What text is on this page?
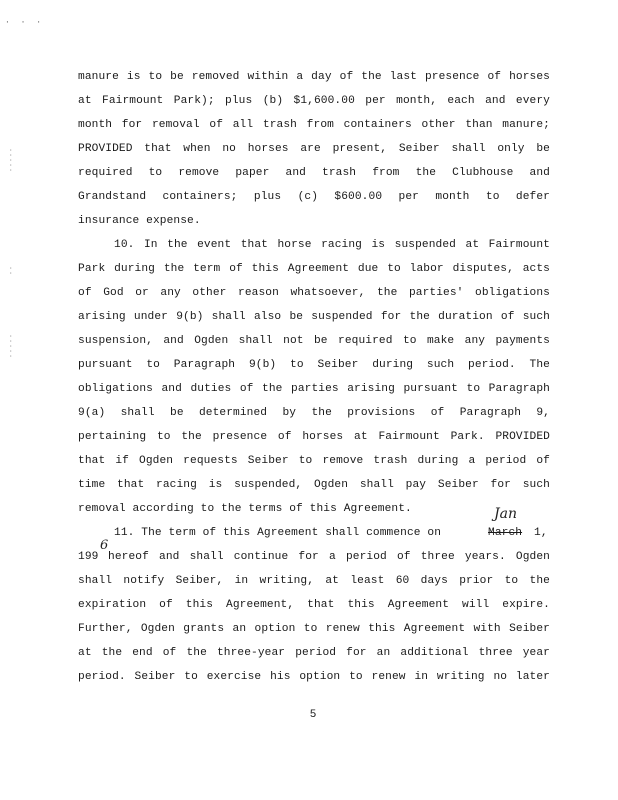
· · ·
·
·
·
·
·
·
·
·
·
·
·
·
manure is to be removed within a day of the last presence of horses
at Fairmount Park); plus (b) $1,600.00 per month, each and every
month for removal of all trash from containers other than manure;
PROVIDED that when no horses are present, Seiber shall only be
required to remove paper and trash from the Clubhouse and
Grandstand containers; plus (c) $600.00 per month to defer
insurance expense.
10. In the event that horse racing is suspended at Fairmount
Park during the term of this Agreement due to labor disputes, acts
of God or any other reason whatsoever, the parties' obligations
arising under 9(b) shall also be suspended for the duration of such
suspension, and Ogden shall not be required to make any payments
pursuant to Paragraph 9(b) to Seiber during such period. The
obligations and duties of the parties arising pursuant to Paragraph
9(a) shall be determined by the provisions of Paragraph 9,
pertaining to the presence of horses at Fairmount Park. PROVIDED
that if Ogden requests Seiber to remove trash during a period of
time that racing is suspended, Ogden shall pay Seiber for such
removal according to the terms of this Agreement.
11. The term of this Agreement shall commence on	March	1,
Jan
199
6
hereof and shall continue for a period of three years. Ogden
shall notify Seiber, in writing, at least 60 days prior to the
expiration of this Agreement, that this Agreement will expire.
Further, Ogden grants an option to renew this Agreement with Seiber
at the end of the three-year period for an additional three year
period. Seiber to exercise his option to renew in writing no later
5
